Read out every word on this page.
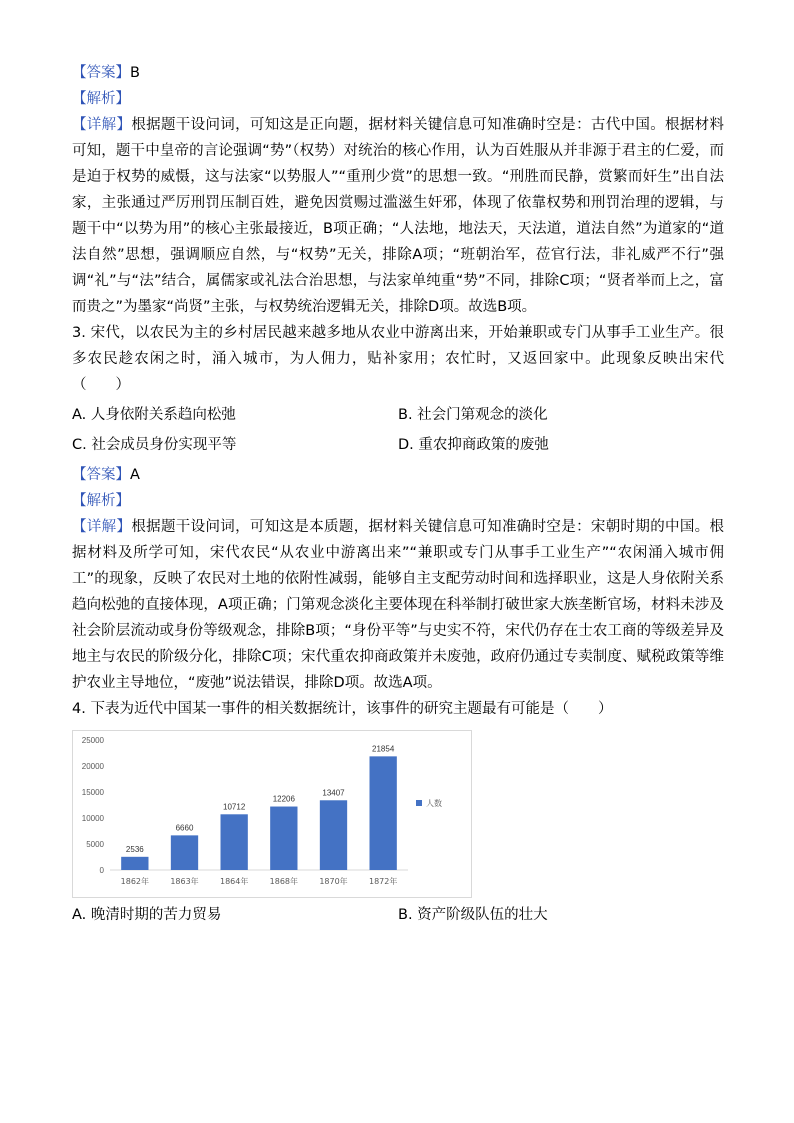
【答案】B
【解析】
【详解】根据题干设问词，可知这是正向题，据材料关键信息可知准确时空是：古代中国。根据材料可知，题干中皇帝的言论强调“势”（权势）对统治的核心作用，认为百姓服从并非源于君主的仁爱，而是迫于权势的威慑，这与法家“以势服人”“重刑少赏”的思想一致。“刑胜而民静，赏繁而奸生”出自法家，主张通过严厉刑罚压制百姓，避免因赏赐过滥滋生奸邪，体现了依靠权势和刑罚治理的逻辑，与题干中“以势为用”的核心主张最接近，B项正确；“人法地，地法天，天法道，道法自然”为道家的“道法自然”思想，强调顺应自然，与“权势”无关，排除A项；“班朝治军，莅官行法，非礼威严不行”强调“礼”与“法”结合，属儒家或礼法合治思想，与法家单纯重“势”不同，排除C项；“贤者举而上之，富而贵之”为墨家“尚贤”主张，与权势统治逻辑无关，排除D项。故选B项。
3. 宋代，以农民为主的乡村居民越来越多地从农业中游离出来，开始兼职或专门从事手工业生产。很多农民趁农闲之时，涌入城市，为人佣力，贴补家用；农忙时，又返回家中。此现象反映出宋代（　　）
A. 人身依附关系趋向松弛	B. 社会门第观念的淡化
C. 社会成员身份实现平等	D. 重农抑商政策的废弛
【答案】A
【解析】
【详解】根据题干设问词，可知这是本质题，据材料关键信息可知准确时空是：宋朝时期的中国。根据材料及所学可知，宋代农民“从农业中游离出来”“兼职或专门从事手工业生产”“农闲涌入城市佣工”的现象，反映了农民对土地的依附性减弱，能够自主支配劳动时间和选择职业，这是人身依附关系趋向松弛的直接体现，A项正确；门第观念淡化主要体现在科举制打破世家大族垄断官场，材料未涉及社会阶层流动或身份等级观念，排除B项；“身份平等”与史实不符，宋代仍存在士农工商的等级差异及地主与农民的阶级分化，排除C项；宋代重农抑商政策并未废弛，政府仍通过专卖制度、赋税政策等维护农业主导地位，“废弛”说法错误，排除D项。故选A项。
4. 下表为近代中国某一事件的相关数据统计，该事件的研究主题最有可能是（　　）
0
5000
10000
15000
20000
25000
2536
1862年
6660
1863年
10712
1864年
12206
1868年
13407
1870年
21854
1872年
人数
A. 晚清时期的苦力贸易	B. 资产阶级队伍的壮大
